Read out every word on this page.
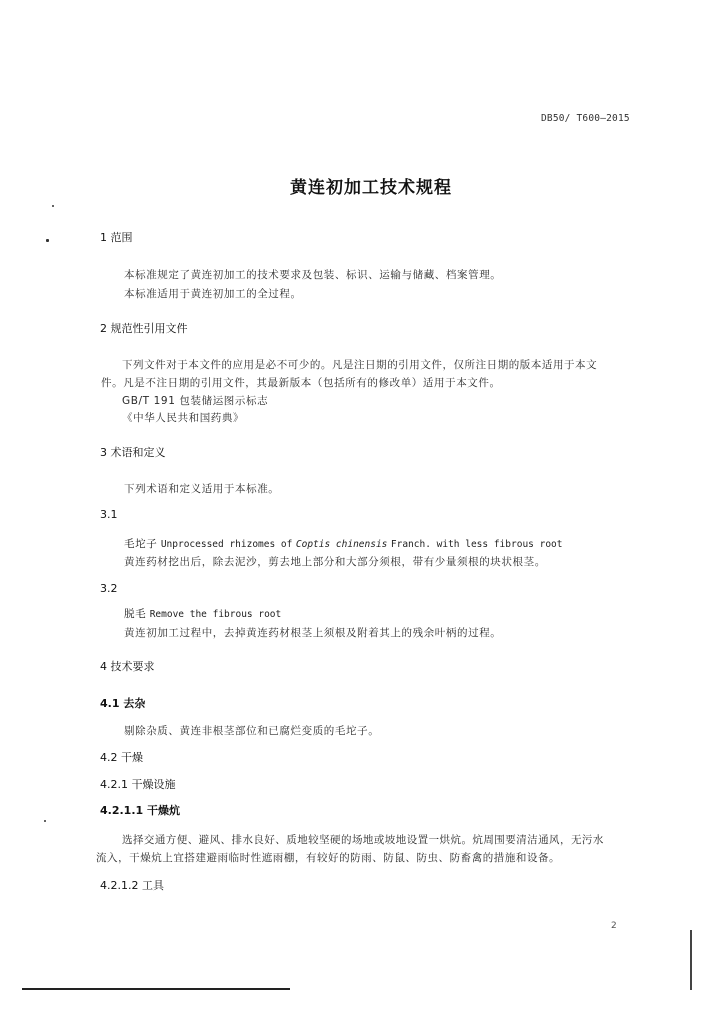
DB50/ T600—2015
黄连初加工技术规程
1 范围
本标准规定了黄连初加工的技术要求及包装、标识、运输与储藏、档案管理。
本标准适用于黄连初加工的全过程。
2 规范性引用文件
下列文件对于本文件的应用是必不可少的。凡是注日期的引用文件，仅所注日期的版本适用于本文
件。凡是不注日期的引用文件，其最新版本（包括所有的修改单）适用于本文件。
GB/T 191 包装储运图示标志
《中华人民共和国药典》
3 术语和定义
下列术语和定义适用于本标准。
3.1
毛坨子 Unprocessed rhizomes of Coptis chinensis Franch. with less fibrous root
黄连药材挖出后，除去泥沙，剪去地上部分和大部分须根，带有少量须根的块状根茎。
3.2
脱毛 Remove the fibrous root
黄连初加工过程中，去掉黄连药材根茎上须根及附着其上的残余叶柄的过程。
4 技术要求
4.1 去杂
剔除杂质、黄连非根茎部位和已腐烂变质的毛坨子。
4.2 干燥
4.2.1 干燥设施
4.2.1.1 干燥炕
选择交通方便、避风、排水良好、质地较坚硬的场地或坡地设置一烘炕。炕周围要清洁通风，无污水
流入，干燥炕上宜搭建避雨临时性遮雨棚，有较好的防雨、防鼠、防虫、防畜禽的措施和设备。
4.2.1.2 工具
2
